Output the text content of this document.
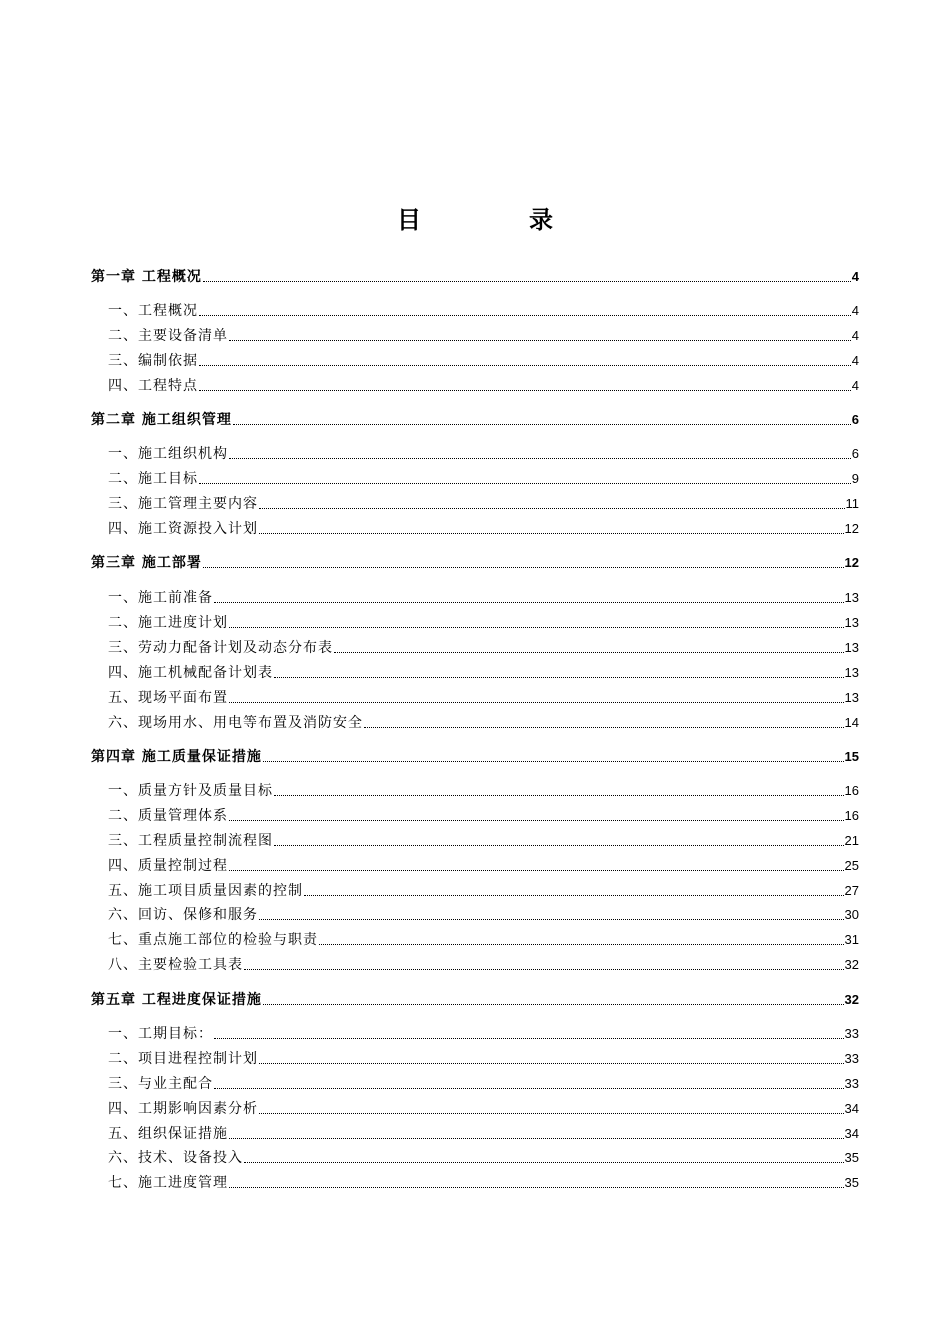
目　录
第一章 工程概况	4
一、工程概况	4
二、主要设备清单	4
三、编制依据	4
四、工程特点	4
第二章 施工组织管理	6
一、施工组织机构	6
二、施工目标	9
三、施工管理主要内容	11
四、施工资源投入计划	12
第三章 施工部署	12
一、施工前准备	13
二、施工进度计划	13
三、劳动力配备计划及动态分布表	13
四、施工机械配备计划表	13
五、现场平面布置	13
六、现场用水、用电等布置及消防安全	14
第四章 施工质量保证措施	15
一、质量方针及质量目标	16
二、质量管理体系	16
三、工程质量控制流程图	21
四、质量控制过程	25
五、施工项目质量因素的控制	27
六、回访、保修和服务	30
七、重点施工部位的检验与职责	31
八、主要检验工具表	32
第五章 工程进度保证措施	32
一、工期目标：	33
二、项目进程控制计划	33
三、与业主配合	33
四、工期影响因素分析	34
五、组织保证措施	34
六、技术、设备投入	35
七、施工进度管理	35
